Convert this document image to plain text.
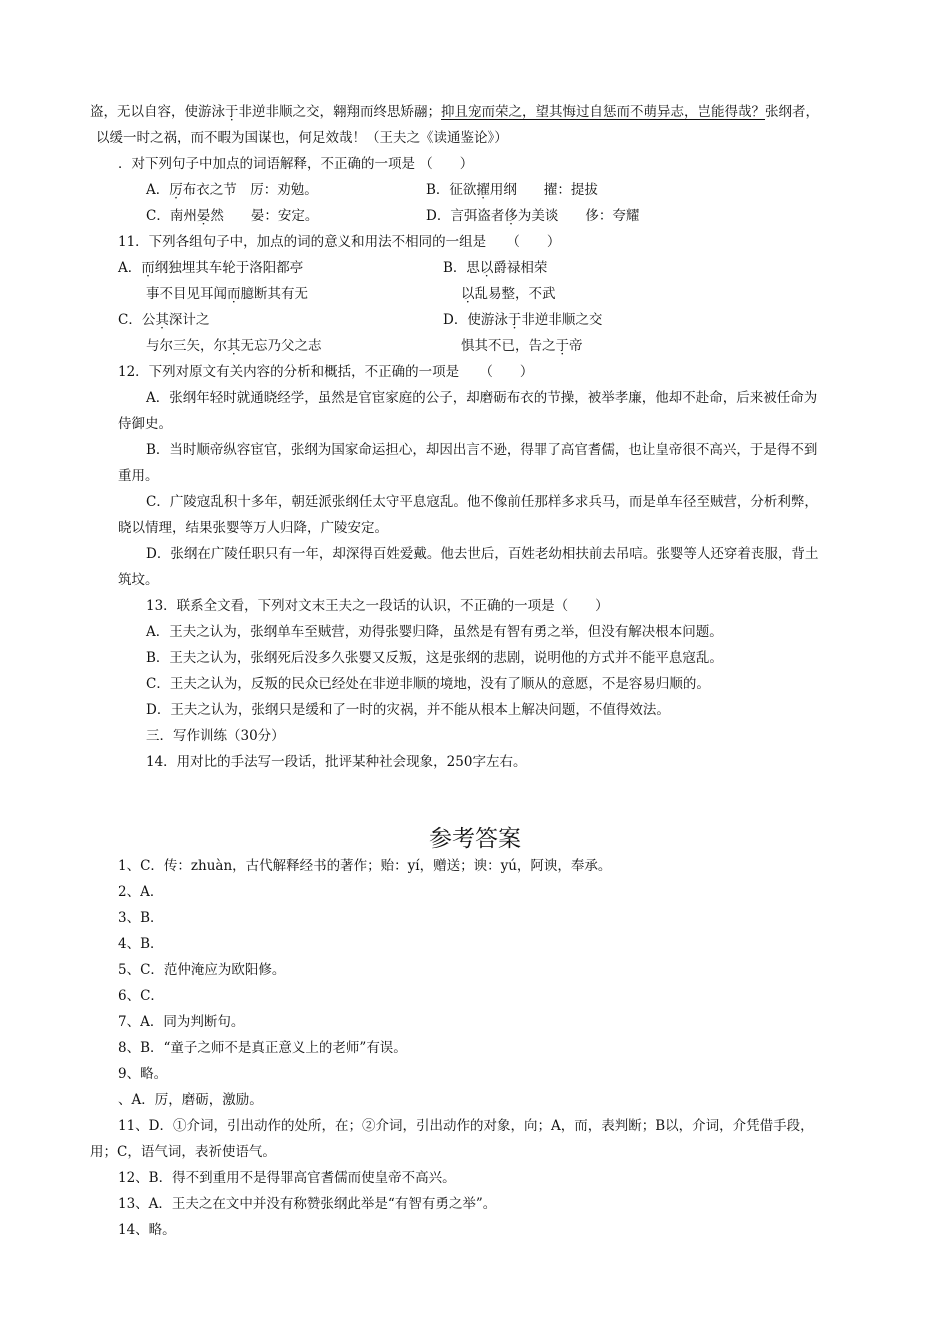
盗，无以自容，使游泳于非逆非顺之交，翱翔而终思矫翮；抑且宠而荣之，望其悔过自惩而不萌异志，岂能得哉？张纲者，
以缓一时之祸，而不暇为国谋也，何足效哉！（王夫之《读通鉴论》）
．对下列句子中加点的词语解释，不正确的一项是 （　　）
A．厉布衣之节　厉：劝勉。	B．征欲擢用纲　　擢：提拔
C．南州晏然　　晏：安定。	D．言弭盗者侈为美谈　　侈：夸耀
11．下列各组句子中，加点的词的意义和用法不相同的一组是　　（　　）
A．而纲独埋其车轮于洛阳都亭	B．思以爵禄相荣
事不目见耳闻而臆断其有无	以乱易整，不武
C．公其深计之	D．使游泳于非逆非顺之交
与尔三矢，尔其无忘乃父之志	惧其不已，告之于帝
12．下列对原文有关内容的分析和概括，不正确的一项是　　（　　）
A．张纲年轻时就通晓经学，虽然是官宦家庭的公子，却磨砺布衣的节操，被举孝廉，他却不赴命，后来被任命为
侍御史。
B．当时顺帝纵容宦官，张纲为国家命运担心，却因出言不逊，得罪了高官耆儒，也让皇帝很不高兴，于是得不到
重用。
C．广陵寇乱积十多年，朝廷派张纲任太守平息寇乱。他不像前任那样多求兵马，而是单车径至贼营，分析利弊，
晓以情理，结果张婴等万人归降，广陵安定。
D．张纲在广陵任职只有一年，却深得百姓爱戴。他去世后，百姓老幼相扶前去吊唁。张婴等人还穿着丧服，背土
筑坟。
13．联系全文看，下列对文末王夫之一段话的认识，不正确的一项是（　　）
A．王夫之认为，张纲单车至贼营，劝得张婴归降，虽然是有智有勇之举，但没有解决根本问题。
B．王夫之认为，张纲死后没多久张婴又反叛，这是张纲的悲剧，说明他的方式并不能平息寇乱。
C．王夫之认为，反叛的民众已经处在非逆非顺的境地，没有了顺从的意愿，不是容易归顺的。
D．王夫之认为，张纲只是缓和了一时的灾祸，并不能从根本上解决问题，不值得效法。
三．写作训练（30分）
14．用对比的手法写一段话，批评某种社会现象，250字左右。
参考答案
1、C．传：zhuàn，古代解释经书的著作；贻：yí，赠送；谀：yú，阿谀，奉承。
2、A．
3、B．
4、B．
5、C．范仲淹应为欧阳修。
6、C．
7、A．同为判断句。
8、B．“童子之师不是真正意义上的老师”有误。
9、略。
、A．厉，磨砺，激励。
11、D．①介词，引出动作的处所，在；②介词，引出动作的对象，向；A，而，表判断；B以，介词，介凭借手段，
用；C，语气词，表祈使语气。
12、B．得不到重用不是得罪高官耆儒而使皇帝不高兴。
13、A．王夫之在文中并没有称赞张纲此举是“有智有勇之举”。
14、略。
